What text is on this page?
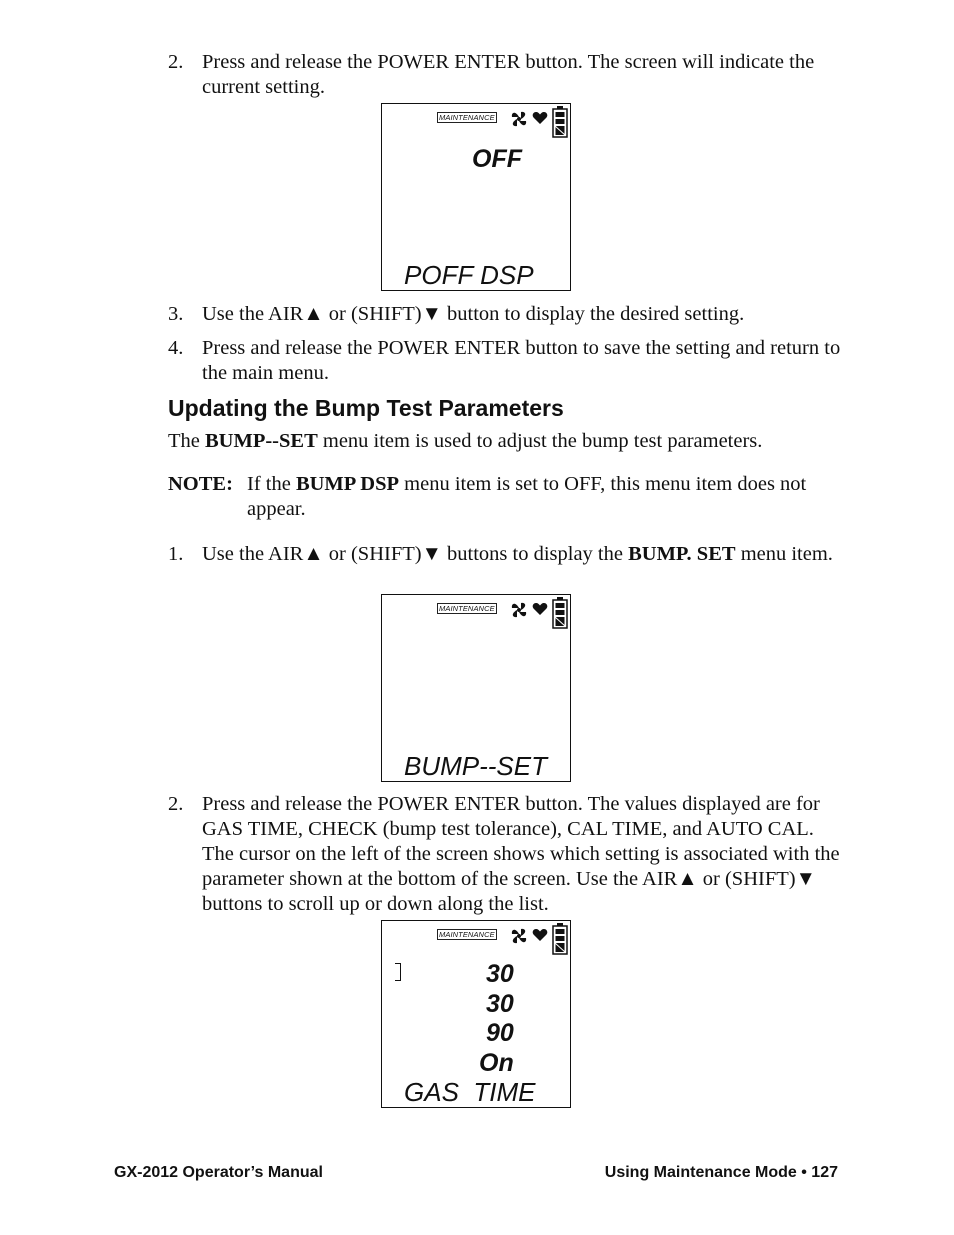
2. Press and release the POWER ENTER button. The screen will indicate the current setting.
MAINTENANCE
OFF
POFF DSP
3. Use the AIR▲ or (SHIFT)▼ button to display the desired setting.
4. Press and release the POWER ENTER button to save the setting and return to the main menu.
Updating the Bump Test Parameters
The BUMP--SET menu item is used to adjust the bump test parameters.
NOTE: If the BUMP DSP menu item is set to OFF, this menu item does not appear.
1. Use the AIR▲ or (SHIFT)▼ buttons to display the BUMP. SET menu item.
MAINTENANCE
BUMP--SET
2. Press and release the POWER ENTER button. The values displayed are for GAS TIME, CHECK (bump test tolerance), CAL TIME, and AUTO CAL. The cursor on the left of the screen shows which setting is associated with the parameter shown at the bottom of the screen. Use the AIR▲ or (SHIFT)▼ buttons to scroll up or down along the list.
MAINTENANCE
30
30
90
On
GAS  TIME
GX-2012 Operator’s Manual	Using Maintenance Mode • 127
